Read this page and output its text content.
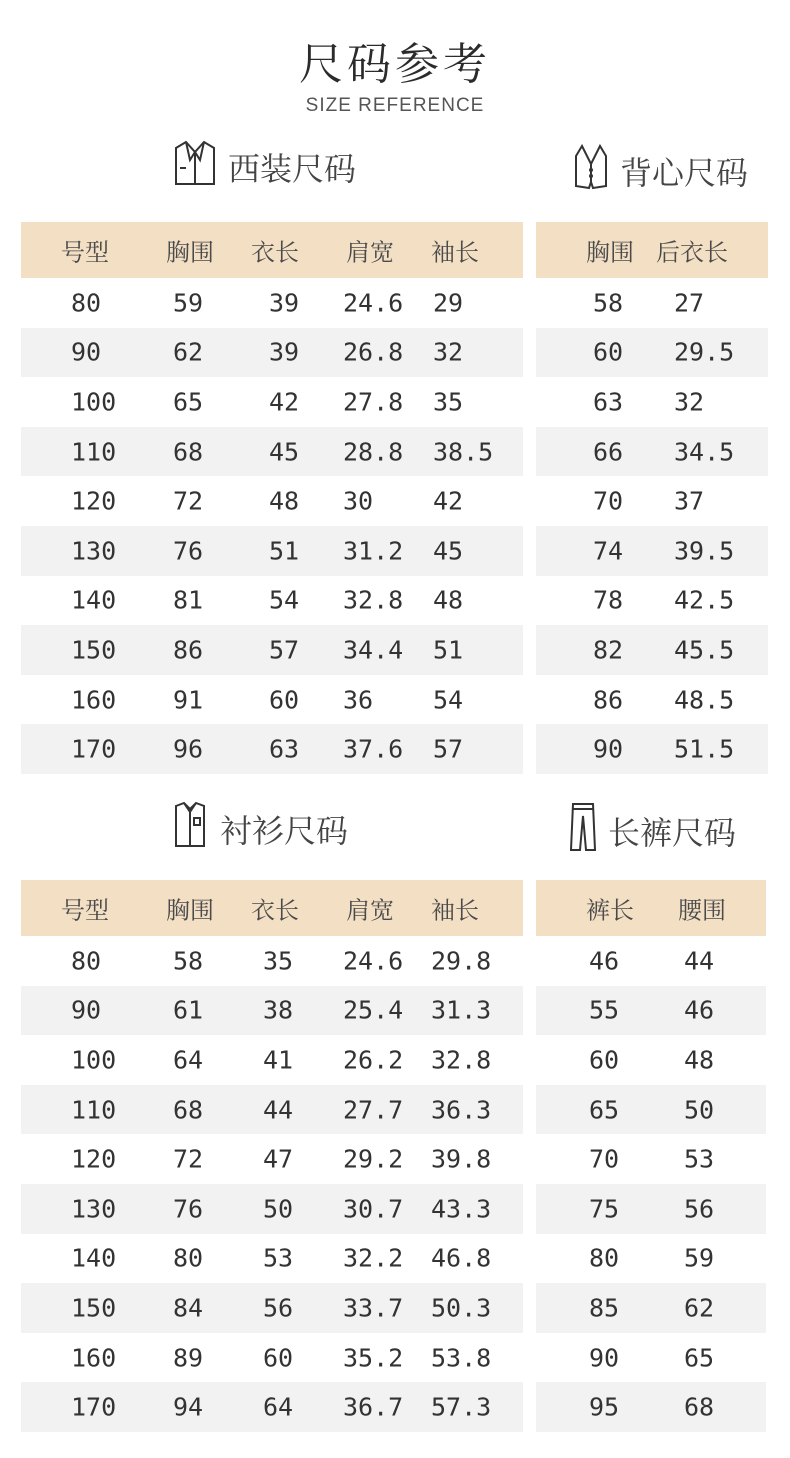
尺码参考
SIZE REFERENCE
西装尺码	背心尺码
号型 胸围 衣长 肩宽 袖长
80	59	39 24.6 29
90	62	39 26.8 32
100 65	42 27.8 35
110 68	45 28.8 38.5
120 72	48 30 42
130 76	51 31.2 45
140 81	54 32.8 48
150 86	57 34.4 51
160 91	60 36 54
170 96	63 37.6 57
胸围 后衣长
58 27
60 29.5
63 32
66 34.5
70 37
74 39.5
78 42.5
82 45.5
86 48.5
90 51.5
衬衫尺码	长裤尺码
号型 胸围 衣长 肩宽 袖长
80	58 35 24.6 29.8
90	61 38 25.4 31.3
100 64 41 26.2 32.8
110 68 44 27.7 36.3
120 72 47 29.2 39.8
130 76 50 30.7 43.3
140 80 53 32.2 46.8
150 84 56 33.7 50.3
160 89 60 35.2 53.8
170 94 64 36.7 57.3
裤长 腰围
46	44
55	46
60	48
65	50
70	53
75	56
80	59
85	62
90	65
95	68
